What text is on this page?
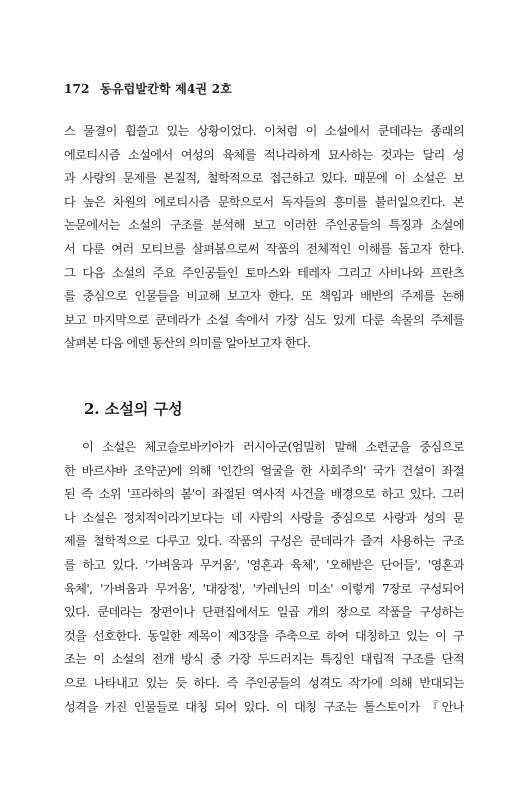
172 동유럽발칸학 제4권 2호
스 물결이 휩쓸고 있는 상황이었다. 이처럼 이 소설에서 쿤데라는 종래의
에로티시즘 소설에서 여성의 육체를 적나라하게 묘사하는 것과는 달리 성
과 사랑의 문제를 본질적, 철학적으로 접근하고 있다. 때문에 이 소설은 보
다 높은 차원의 에로티시즘 문학으로서 독자들의 흥미를 불러일으킨다. 본
논문에서는 소설의 구조를 분석해 보고 이러한 주인공들의 특징과 소설에
서 다룬 여러 모티브를 살펴봄으로써 작품의 전체적인 이해를 돕고자 한다.
그 다음 소설의 주요 주인공들인 토마스와 테레자 그리고 사비나와 프란츠
를 중심으로 인물들을 비교해 보고자 한다. 또 책임과 배반의 주제를 논해
보고 마지막으로 쿤데라가 소설 속에서 가장 심도 있게 다룬 속물의 주제를
살펴본 다음 에덴 동산의 의미를 알아보고자 한다.
2. 소설의 구성
이 소설은 체코슬로바키아가 러시아군(엄밀히 말해 소련군을 중심으로
한 바르샤바 조약군)에 의해 '인간의 얼굴을 한 사회주의' 국가 건설이 좌절
된 즉 소위 '프라하의 봄'이 좌절된 역사적 사건을 배경으로 하고 있다. 그러
나 소설은 정치적이라기보다는 네 사람의 사랑을 중심으로 사랑과 성의 문
제를 철학적으로 다루고 있다. 작품의 구성은 쿤데라가 즐겨 사용하는 구조
를 하고 있다. '가벼움과 무거움', '영혼과 육체', '오해받은 단어들', '영혼과
육체', '가벼움과 무거움', '대장정', '카레닌의 미소' 이렇게 7장로 구성되어
있다. 쿤데라는 장편이나 단편집에서도 일곱 개의 장으로 작품을 구성하는
것을 선호한다. 동일한 제목이 제3장을 주축으로 하여 대칭하고 있는 이 구
조는 이 소설의 전개 방식 중 가장 두드러지는 특징인 대립적 구조를 단적
으로 나타내고 있는 듯 하다. 즉 주인공들의 성격도 작가에 의해 반대되는
성격을 가진 인물들로 대칭 되어 있다. 이 대칭 구조는 톨스토이가 『안나
